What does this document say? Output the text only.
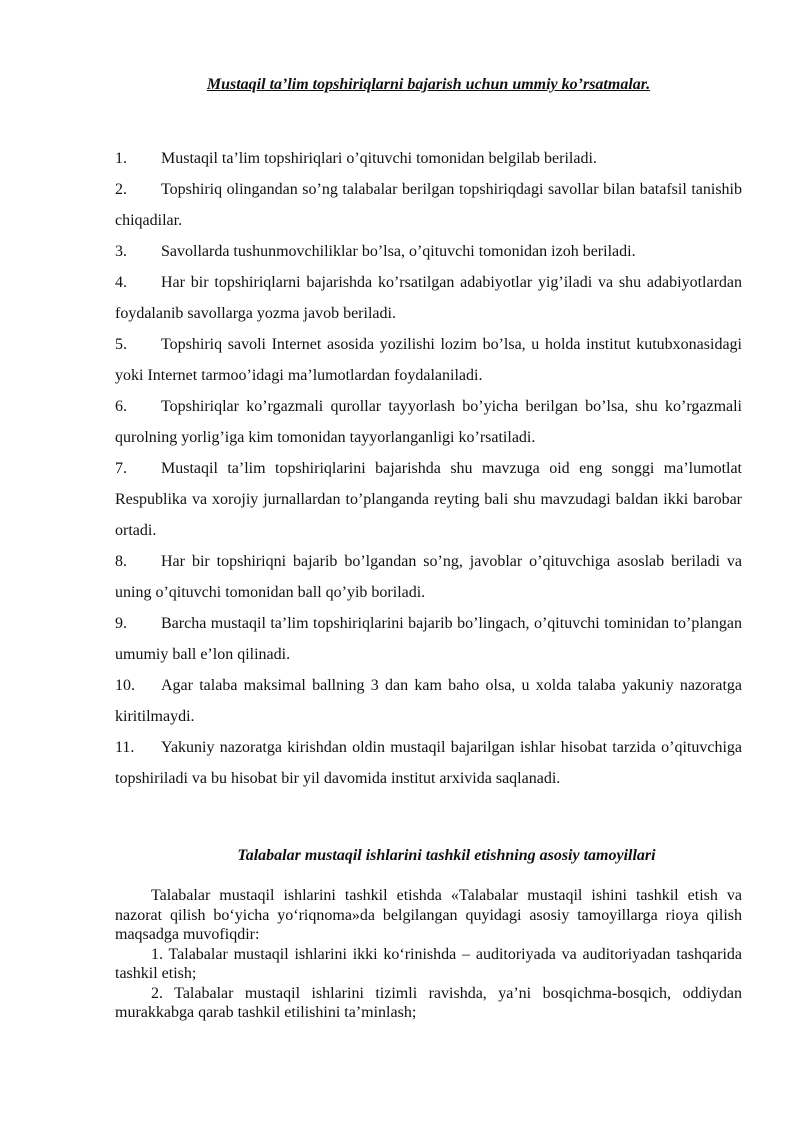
Mustaqil ta’lim topshiriqlarni bajarish uchun ummiy ko’rsatmalar.
1. Mustaqil ta’lim topshiriqlari o’qituvchi tomonidan belgilab beriladi.
2. Topshiriq olingandan so’ng talabalar berilgan topshiriqdagi savollar bilan batafsil tanishib chiqadilar.
3. Savollarda tushunmovchiliklar bo’lsa, o’qituvchi tomonidan izoh beriladi.
4. Har bir topshiriqlarni bajarishda ko’rsatilgan adabiyotlar yig’iladi va shu adabiyotlardan foydalanib savollarga yozma javob beriladi.
5. Topshiriq savoli Internet asosida yozilishi lozim bo’lsa, u holda institut kutubxonasidagi yoki Internet tarmoo’idagi ma’lumotlardan foydalaniladi.
6. Topshiriqlar ko’rgazmali qurollar tayyorlash bo’yicha berilgan bo’lsa, shu ko’rgazmali qurolning yorlig’iga kim tomonidan tayyorlanganligi ko’rsatiladi.
7. Mustaqil ta’lim topshiriqlarini bajarishda shu mavzuga oid eng songgi ma’lumotlat Respublika va xorojiy jurnallardan to’planganda reyting bali shu mavzudagi baldan ikki barobar ortadi.
8. Har bir topshiriqni bajarib bo’lgandan so’ng, javoblar o’qituvchiga asoslab beriladi va uning o’qituvchi tomonidan ball qo’yib boriladi.
9. Barcha mustaqil ta’lim topshiriqlarini bajarib bo’lingach, o’qituvchi tominidan to’plangan umumiy ball e’lon qilinadi.
10. Agar talaba maksimal ballning 3 dan kam baho olsa, u xolda talaba yakuniy nazoratga kiritilmaydi.
11. Yakuniy nazoratga kirishdan oldin mustaqil bajarilgan ishlar hisobat tarzida o’qituvchiga topshiriladi va bu hisobat bir yil davomida institut arxivida saqlanadi.
Talabalar mustaqil ishlarini tashkil etishning asosiy tamoyillari

Talabalar mustaqil ishlarini tashkil etishda «Talabalar mustaqil ishini tashkil etish va nazorat qilish bo‘yicha yo‘riqnoma»da belgilangan quyidagi asosiy tamoyillarga rioya qilish maqsadga muvofiqdir:

1. Talabalar mustaqil ishlarini ikki ko‘rinishda – auditoriyada va auditoriyadan tashqarida tashkil etish;

2. Talabalar mustaqil ishlarini tizimli ravishda, ya’ni bosqichma-bosqich, oddiydan murakkabga qarab tashkil etilishini ta’minlash;
